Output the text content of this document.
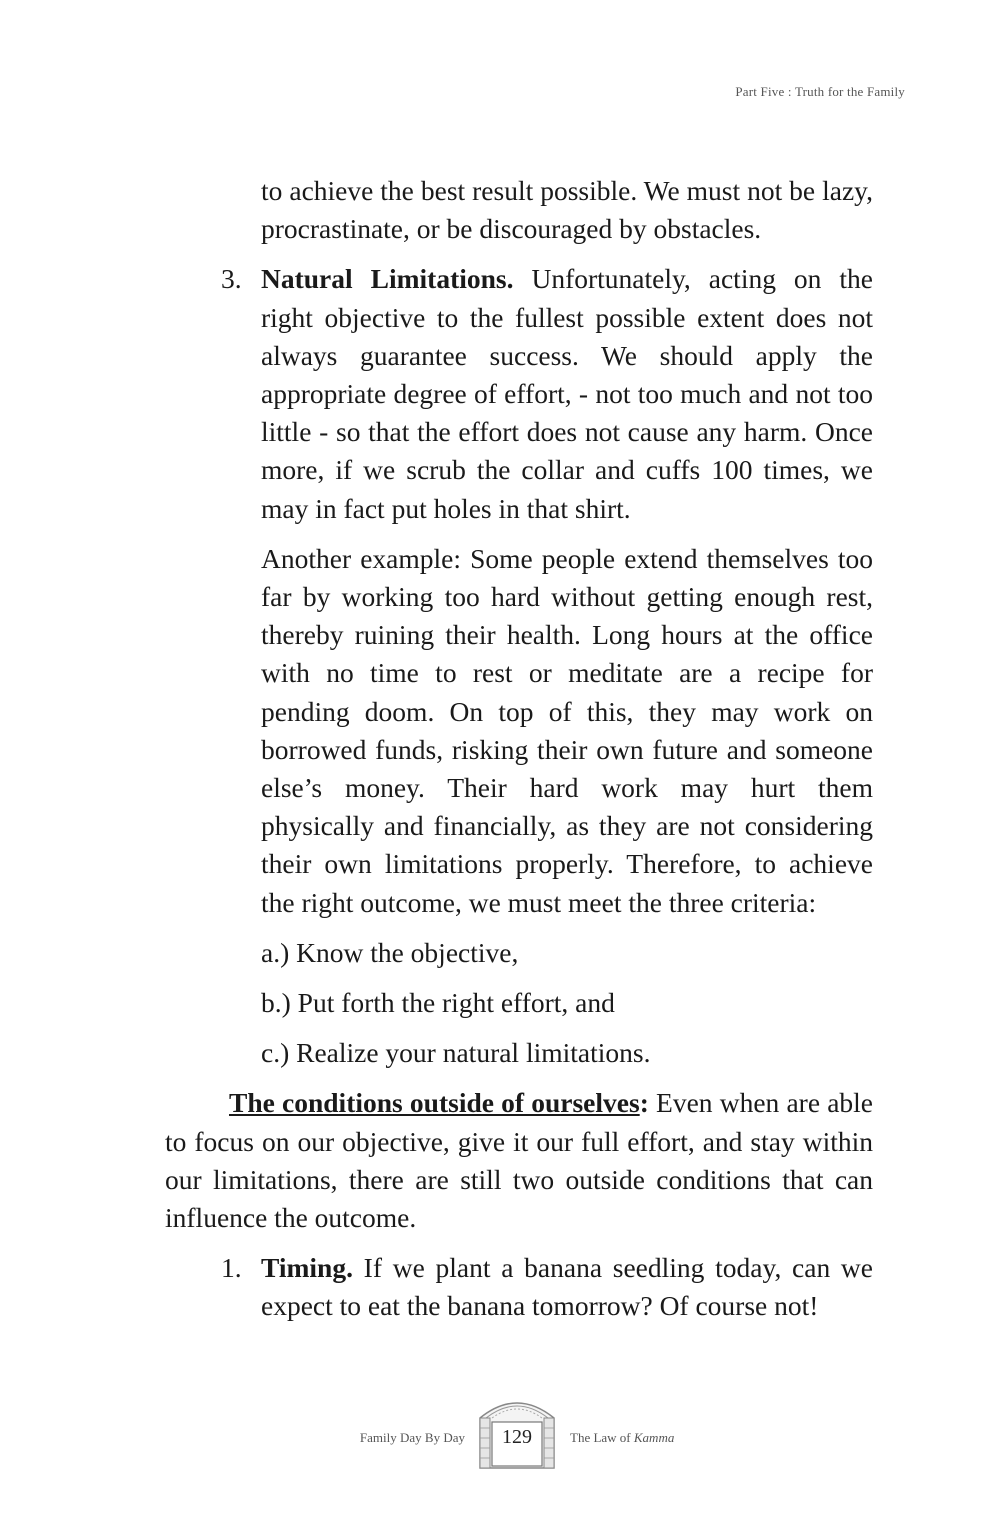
Part Five : Truth for the Family

to achieve the best result possible. We must not be lazy, procrastinate, or be discouraged by obstacles.

3. Natural Limitations. Unfortunately, acting on the right objective to the fullest possible extent does not always guarantee success. We should apply the appropriate degree of effort, - not too much and not too little - so that the effort does not cause any harm. Once more, if we scrub the collar and cuffs 100 times, we may in fact put holes in that shirt.

Another example: Some people extend themselves too far by working too hard without getting enough rest, thereby ruining their health. Long hours at the office with no time to rest or meditate are a recipe for pending doom. On top of this, they may work on borrowed funds, risking their own future and someone else’s money. Their hard work may hurt them physically and financially, as they are not considering their own limitations properly. Therefore, to achieve the right outcome, we must meet the three criteria:

a.) Know the objective,

b.) Put forth the right effort, and

c.) Realize your natural limitations.

The conditions outside of ourselves: Even when are able to focus on our objective, give it our full effort, and stay within our limitations, there are still two outside conditions that can influence the outcome.

1. Timing. If we plant a banana seedling today, can we expect to eat the banana tomorrow? Of course not!
Family Day By Day	129	The Law of Kamma
